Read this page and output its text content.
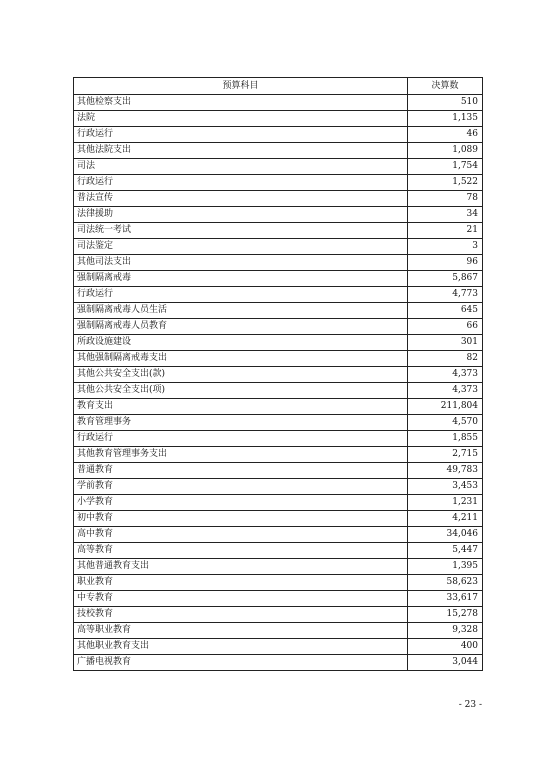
预算科目	决算数
其他检察支出	510
法院	1,135
行政运行	46
其他法院支出	1,089
司法	1,754
行政运行	1,522
普法宣传	78
法律援助	34
司法统一考试	21
司法鉴定	3
其他司法支出	96
强制隔离戒毒	5,867
行政运行	4,773
强制隔离戒毒人员生活	645
强制隔离戒毒人员教育	66
所政设施建设	301
其他强制隔离戒毒支出	82
其他公共安全支出(款)	4,373
其他公共安全支出(项)	4,373
教育支出	211,804
教育管理事务	4,570
行政运行	1,855
其他教育管理事务支出	2,715
普通教育	49,783
学前教育	3,453
小学教育	1,231
初中教育	4,211
高中教育	34,046
高等教育	5,447
其他普通教育支出	1,395
职业教育	58,623
中专教育	33,617
技校教育	15,278
高等职业教育	9,328
其他职业教育支出	400
广播电视教育	3,044
- 23 -
